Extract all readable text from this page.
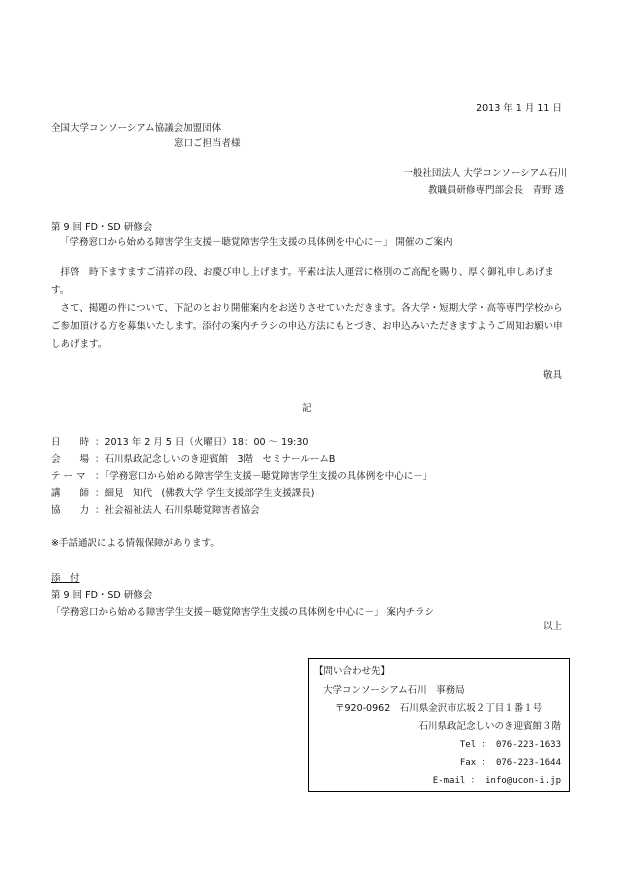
2013 年 1 月 11 日
全国大学コンソーシアム協議会加盟団体
窓口ご担当者様
一般社団法人 大学コンソーシアム石川
教職員研修専門部会長　青野 透
第 9 回 FD・SD 研修会
「学務窓口から始める障害学生支援－聴覚障害学生支援の具体例を中心に－」 開催のご案内
　拝啓　時下ますますご清祥の段、お慶び申し上げます。平素は法人運営に格別のご高配を賜り、厚く御礼申しあげます。
　さて、掲題の件について、下記のとおり開催案内をお送りさせていただきます。各大学・短期大学・高等専門学校からご参加頂ける方を募集いたします。添付の案内チラシの申込方法にもとづき、お申込みいただきますようご周知お願い申しあげます。
敬具
記
日　　時 ：2013 年 2 月 5 日（火曜日）18：00 ～ 19:30
会　　場 ：石川県政記念しいのき迎賓館　3階　セミナールームB
テ ー マ ：「学務窓口から始める障害学生支援－聴覚障害学生支援の具体例を中心に－」
講　　師 ：細見　知代　(佛教大学 学生支援部学生支援課長)
協　　力 ：社会福祉法人 石川県聴覚障害者協会
※手話通訳による情報保障があります。
添　付
第 9 回 FD・SD 研修会
「学務窓口から始める障害学生支援－聴覚障害学生支援の具体例を中心に－」 案内チラシ
以上
【問い合わせ先】
大学コンソーシアム石川　事務局
〒920-0962　石川県金沢市広坂２丁目１番１号
石川県政記念しいのき迎賓館３階
Tel ： 076-223-1633
Fax ： 076-223-1644
E-mail ： info@ucon-i.jp
